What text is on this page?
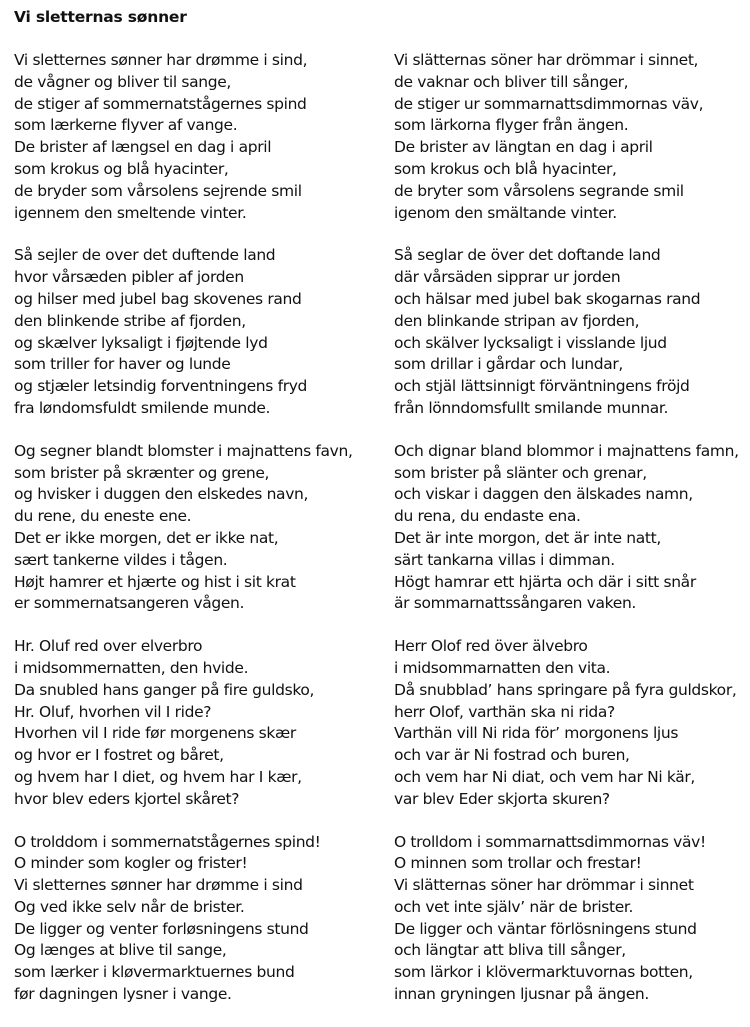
Vi sletternas sønner
Vi sletternes sønner har drømme i sind,
de vågner og bliver til sange,
de stiger af sommernatstågernes spind
som lærkerne flyver af vange.
De brister af længsel en dag i april
som krokus og blå hyacinter,
de bryder som vårsolens sejrende smil
igennem den smeltende vinter.
Så sejler de over det duftende land
hvor vårsæden pibler af jorden
og hilser med jubel bag skovenes rand
den blinkende stribe af fjorden,
og skælver lyksaligt i fjøjtende lyd
som triller for haver og lunde
og stjæler letsindig forventningens fryd
fra løndomsfuldt smilende munde.
Og segner blandt blomster i majnattens favn,
som brister på skrænter og grene,
og hvisker i duggen den elskedes navn,
du rene, du eneste ene.
Det er ikke morgen, det er ikke nat,
sært tankerne vildes i tågen.
Højt hamrer et hjærte og hist i sit krat
er sommernatsangeren vågen.
Hr. Oluf red over elverbro
i midsommernatten, den hvide.
Da snubled hans ganger på fire guldsko,
Hr. Oluf, hvorhen vil I ride?
Hvorhen vil I ride før morgenens skær
og hvor er I fostret og båret,
og hvem har I diet, og hvem har I kær,
hvor blev eders kjortel skåret?
O trolddom i sommernatstågernes spind!
O minder som kogler og frister!
Vi sletternes sønner har drømme i sind
Og ved ikke selv når de brister.
De ligger og venter forløsningens stund
Og længes at blive til sange,
som lærker i kløvermarktuernes bund
før dagningen lysner i vange.
Vi slätternas söner har drömmar i sinnet,
de vaknar och bliver till sånger,
de stiger ur sommarnattsdimmornas väv,
som lärkorna flyger från ängen.
De brister av längtan en dag i april
som krokus och blå hyacinter,
de bryter som vårsolens segrande smil
igenom den smältande vinter.
Så seglar de över det doftande land
där vårsäden sipprar ur jorden
och hälsar med jubel bak skogarnas rand
den blinkande stripan av fjorden,
och skälver lycksaligt i visslande ljud
som drillar i gårdar och lundar,
och stjäl lättsinnigt förväntningens fröjd
från lönndomsfullt smilande munnar.
Och dignar bland blommor i majnattens famn,
som brister på slänter och grenar,
och viskar i daggen den älskades namn,
du rena, du endaste ena.
Det är inte morgon, det är inte natt,
särt tankarna villas i dimman.
Högt hamrar ett hjärta och där i sitt snår
är sommarnattssångaren vaken.
Herr Olof red över älvebro
i midsommarnatten den vita.
Då snubblad’ hans springare på fyra guldskor,
herr Olof, varthän ska ni rida?
Varthän vill Ni rida för’ morgonens ljus
och var är Ni fostrad och buren,
och vem har Ni diat, och vem har Ni kär,
var blev Eder skjorta skuren?
O trolldom i sommarnattsdimmornas väv!
O minnen som trollar och frestar!
Vi slätternas söner har drömmar i sinnet
och vet inte själv’ när de brister.
De ligger och väntar förlösningens stund
och längtar att bliva till sånger,
som lärkor i klövermarktuvornas botten,
innan gryningen ljusnar på ängen.
